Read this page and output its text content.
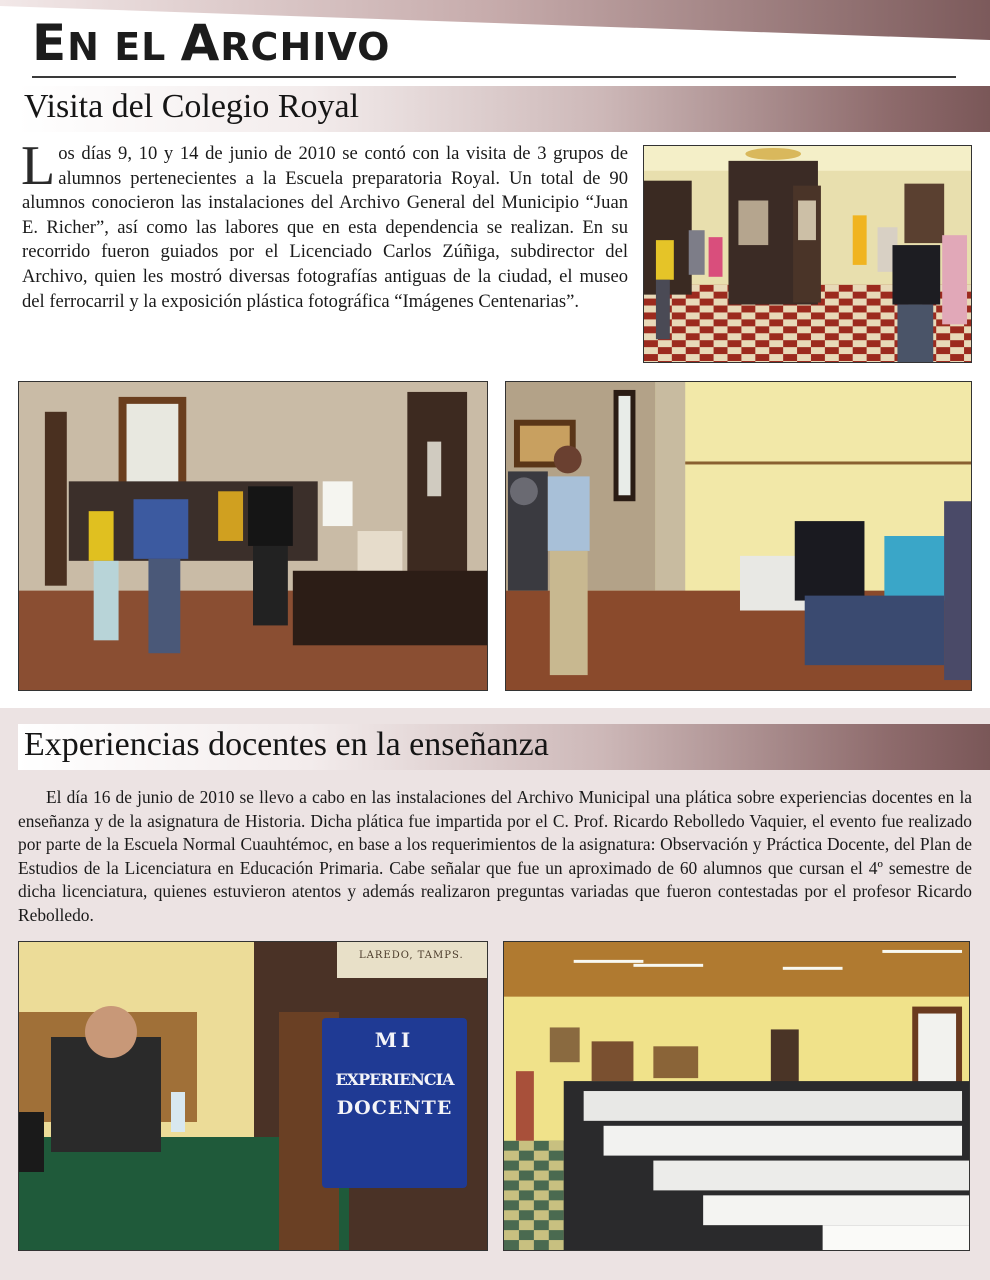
EN EL ARCHIVO
Visita del Colegio Royal
Los días 9, 10 y 14 de junio de 2010 se contó con la visita de 3 grupos de alumnos pertenecientes a la Escuela preparatoria Royal. Un total de 90 alumnos conocieron las instalaciones del Archivo General del Municipio “Juan E. Richer”, así como las labores que en esta dependencia se realizan. En su recorrido fueron guiados por el Licenciado Carlos Zúñiga, subdirector del Archivo, quien les mostró diversas fotografías antiguas de la ciudad, el museo del ferrocarril y la exposición plástica fotográfica “Imágenes Centenarias”.
Experiencias docentes en la enseñanza
El día 16 de junio de 2010 se llevo a cabo en las instalaciones del Archivo Municipal una plática sobre experiencias docentes en la enseñanza y de la asignatura de Historia. Dicha plática fue impartida por el C. Prof. Ricardo Rebolledo Vaquier, el evento fue realizado por parte de la Escuela Normal Cuauhtémoc, en base a los requerimientos de la asignatura: Observación y Práctica Docente, del Plan de Estudios de la Licenciatura en Educación Primaria. Cabe señalar que fue un aproximado de 60 alumnos que cursan el 4º semestre de dicha licenciatura, quienes estuvieron atentos y además realizaron preguntas variadas que fueron contestadas por el profesor Ricardo Rebolledo.
LAREDO, TAMPS.
MI
EXPERIENCIA
DOCENTE
